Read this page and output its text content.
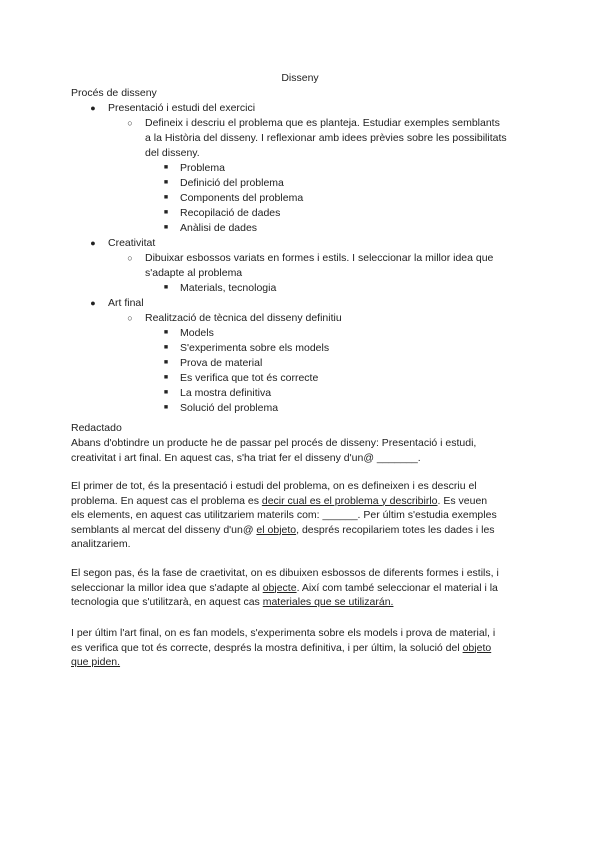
Disseny
Procés de disseny
● Presentació i estudi del exercici
○ Defineix i descriu el problema que es planteja. Estudiar exemples semblants
a la Història del disseny. I reflexionar amb idees prèvies sobre les possibilitats
del disseny.
■ Problema
■ Definició del problema
■ Components del problema
■ Recopilació de dades
■ Anàlisi de dades
● Creativitat
○ Dibuixar esbossos variats en formes i estils. I seleccionar la millor idea que
s'adapte al problema
■ Materials, tecnologia
● Art final
○ Realització de tècnica del disseny definitiu
■ Models
■ S'experimenta sobre els models
■ Prova de material
■ Es verifica que tot és correcte
■ La mostra definitiva
■ Solució del problema
Redactado

Abans d'obtindre un producte he de passar pel procés de disseny: Presentació i estudi,

creativitat i art final. En aquest cas, s'ha triat fer el disseny d'un@ _______.

El primer de tot, és la presentació i estudi del problema, on es defineixen i es descriu el

problema. En aquest cas el problema es decir cual es el problema y describirlo. Es veuen

els elements, en aquest cas utilitzariem materils com: ______. Per últim s'estudia exemples

semblants al mercat del disseny d'un@ el objeto, després recopilariem totes les dades i les

analitzariem.

El segon pas, és la fase de craetivitat, on es dibuixen esbossos de diferents formes i estils, i

seleccionar la millor idea que s'adapte al objecte. Així com també seleccionar el material i la

tecnologia que s'utilitzarà, en aquest cas materiales que se utilizarán.

I per últim l'art final, on es fan models, s'experimenta sobre els models i prova de material, i

es verifica que tot és correcte, després la mostra definitiva, i per últim, la solució del objeto

que piden.
